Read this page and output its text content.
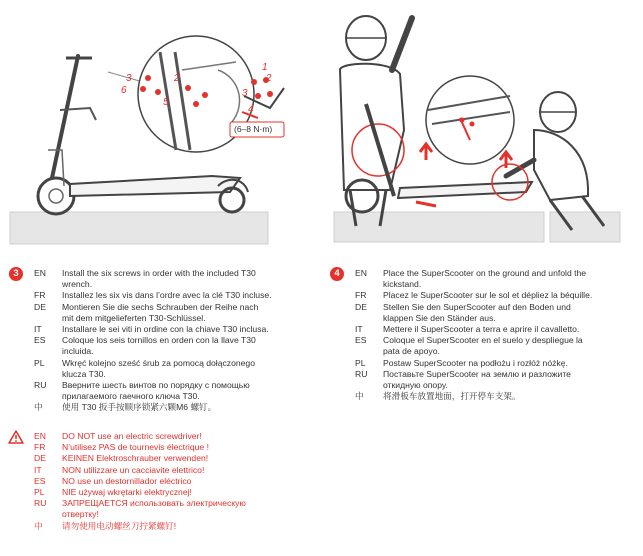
3	2
6
5
1
2
3
4
(6–8 N·m)
3	EN	Install the six screws in order with the included T30
wrench.
FR	Installez les six vis dans l’ordre avec la clé T30 incluse.
DE	Montieren Sie die sechs Schrauben der Reihe nach
mit dem mitgelieferten T30-Schlüssel.
IT	Installare le sei viti in ordine con la chiave T30 inclusa.
ES	Coloque los seis tornillos en orden con la llave T30
incluida.
PL	Wkręć kolejno sześć śrub za pomocą dołączonego
klucza T30.
RU	Вверните шесть винтов по порядку с помощью
прилагаемого гаечного ключа T30.
中	使用 T30 扳手按顺序锁紧六颗M6 螺钉。
EN	DO NOT use an electric screwdriver!
FR	N’utilisez PAS de tournevis électrique !
DE	KEINEN Elektroschrauber verwenden!
IT	NON utilizzare un cacciavite elettrico!
ES	NO use un destornillador eléctrico
PL	NIE używaj wkrętarki elektrycznej!
RU	ЗАПРЕЩАЕТСЯ использовать электрическую
отвертку!
中	请勿使用电动螺丝刀拧紧螺钉!
4	EN	Place the SuperScooter on the ground and unfold the
kickstand.
FR	Placez le SuperScooter sur le sol et dépliez la béquille.
DE	Stellen Sie den SuperScooter auf den Boden und
klappen Sie den Ständer aus.
IT	Mettere il SuperScooter a terra e aprire il cavalletto.
ES	Coloque el SuperScooter en el suelo y despliegue la
pata de apoyo.
PL	Postaw SuperScooter na podłożu i rozłóż nóżkę.
RU	Поставьте SuperScooter на землю и разложите
откидную опору.
中	将滑板车放置地面，打开停车支架。
